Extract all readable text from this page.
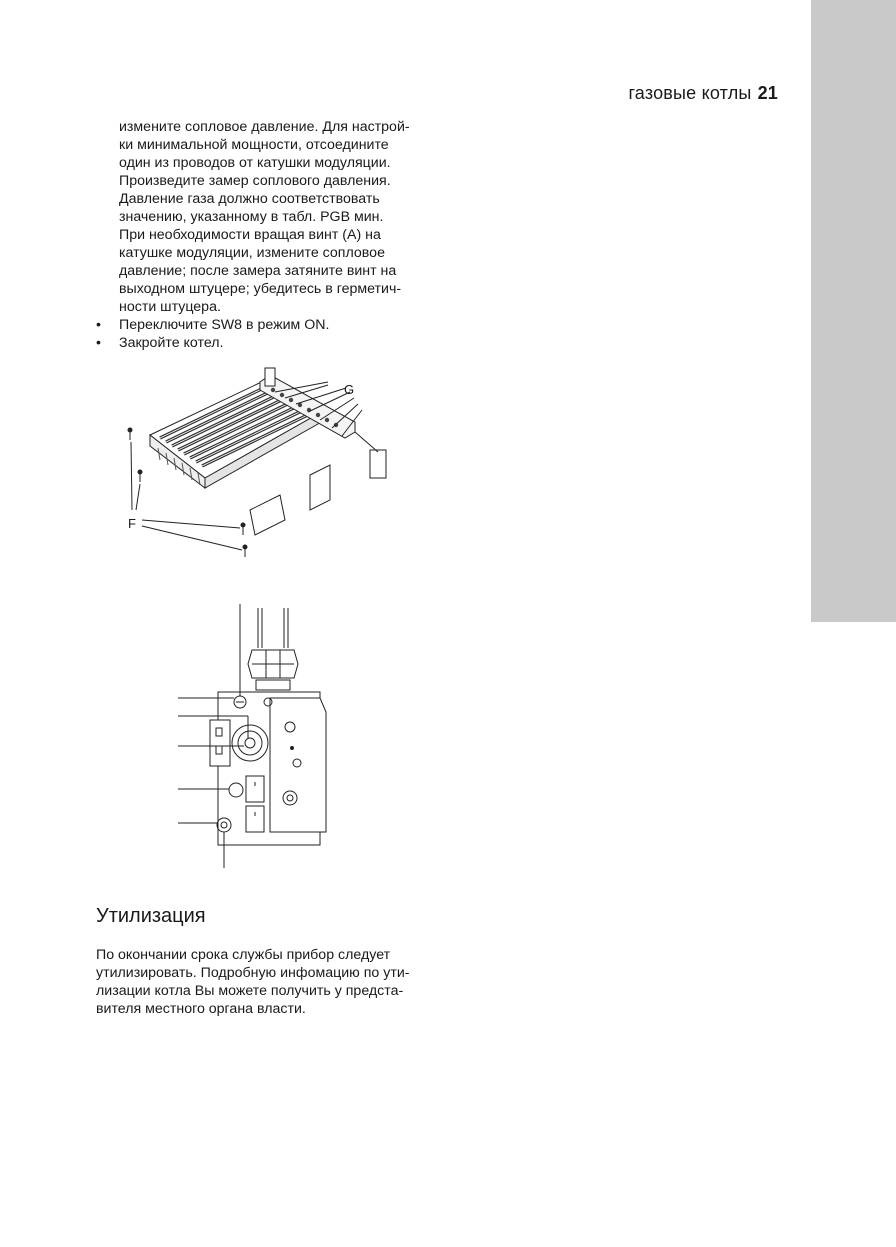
газовые котлы 21
измените сопловое давление. Для настрой-
ки минимальной мощности, отсоедините
один из проводов от катушки модуляции.
Произведите замер соплового давления.
Давление газа должно соответствовать
значению, указанному в табл. PGB мин.
При необходимости вращая винт (A) на
катушке модуляции, измените сопловое
давление; после замера затяните винт на
выходном штуцере; убедитесь в герметич-
ности штуцера.
• Переключите SW8 в режим ON.
• Закройте котел.
G
F
Утилизация
По окончании срока службы прибор следует
утилизировать. Подробную инфомацию по ути-
лизации котла Вы можете получить у предста-
вителя местного органа власти.
